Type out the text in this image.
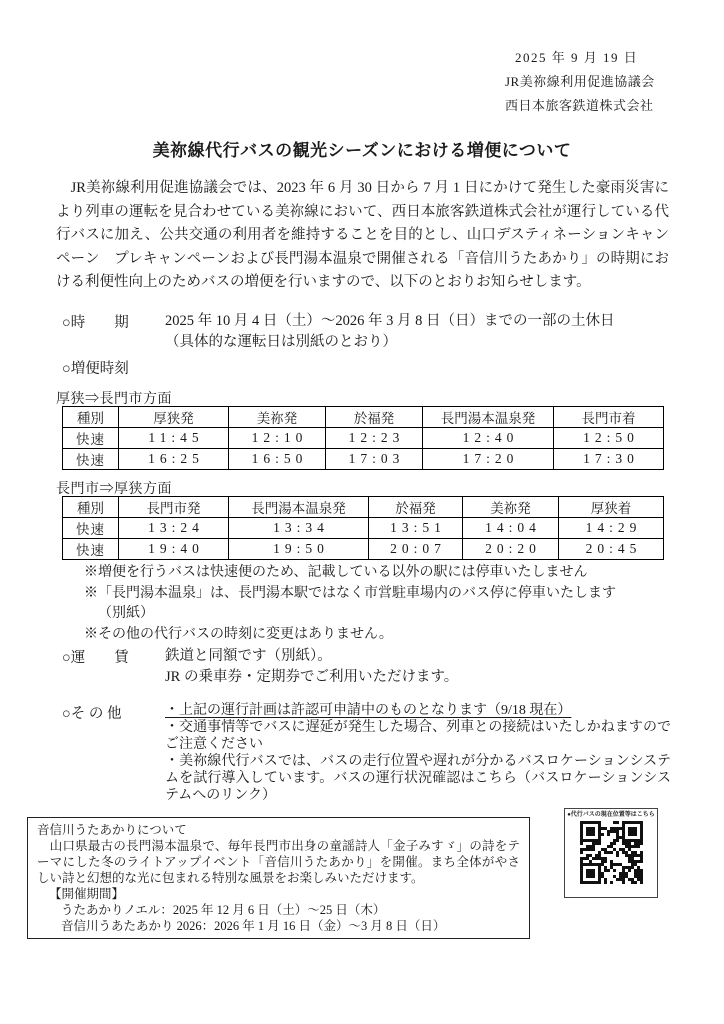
2025 年 9 月 19 日
JR美祢線利用促進協議会
西日本旅客鉄道株式会社
美祢線代行バスの観光シーズンにおける増便について

　JR美祢線利用促進協議会では、2023 年 6 月 30 日から 7 月 1 日にかけて発生した豪雨災害により列車の運転を見合わせている美祢線において、西日本旅客鉄道株式会社が運行している代行バスに加え、公共交通の利用者を維持することを目的とし、山口デスティネーションキャンペーン　プレキャンペーンおよび長門湯本温泉で開催される「音信川うたあかり」の時期における利便性向上のためバスの増便を行いますので、以下のとおりお知らせします。

○時　　期	2025 年 10 月 4 日（土）～2026 年 3 月 8 日（日）までの一部の土休日
（具体的な運転日は別紙のとおり）
○増便時刻
厚狭⇒長門市方面
種別	厚狭発	美祢発	於福発	長門湯本温泉発	長門市着
快速	11:45	12:10	12:23	12:40	12:50
快速	16:25	16:50	17:03	17:20	17:30
長門市⇒厚狭方面
種別	長門市発	長門湯本温泉発	於福発	美祢発	厚狭着
快速	13:24	13:34	13:51	14:04	14:29
快速	19:40	19:50	20:07	20:20	20:45
※増便を行うバスは快速便のため、記載している以外の駅には停車いたしません
※「長門湯本温泉」は、長門湯本駅ではなく市営駐車場内のバス停に停車いたします
（別紙）
※その他の代行バスの時刻に変更はありません。
○運　　賃	鉄道と同額です（別紙）。
JR の乗車券・定期券でご利用いただけます。
○そ の 他	・上記の運行計画は許認可申請中のものとなります（9/18 現在）
・交通事情等でバスに遅延が発生した場合、列車との接続はいたしかねますのでご注意ください
・美祢線代行バスでは、バスの走行位置や遅れが分かるバスロケーションシステムを試行導入しています。バスの運行状況確認はこちら（バスロケーションシステムへのリンク）
音信川うたあかりについて
　山口県最古の長門湯本温泉で、毎年長門市出身の童謡詩人「金子みすゞ」の詩をテーマにした冬のライトアップイベント「音信川うたあかり」を開催。まち全体がやさしい詩と幻想的な光に包まれる特別な風景をお楽しみいただけます。
【開催期間】
うたあかりノエル：2025 年 12 月 6 日（土）～25 日（木）
音信川うあたあかり 2026：2026 年 1 月 16 日（金）～3 月 8 日（日）
●代行バスの現在位置等はこちら
